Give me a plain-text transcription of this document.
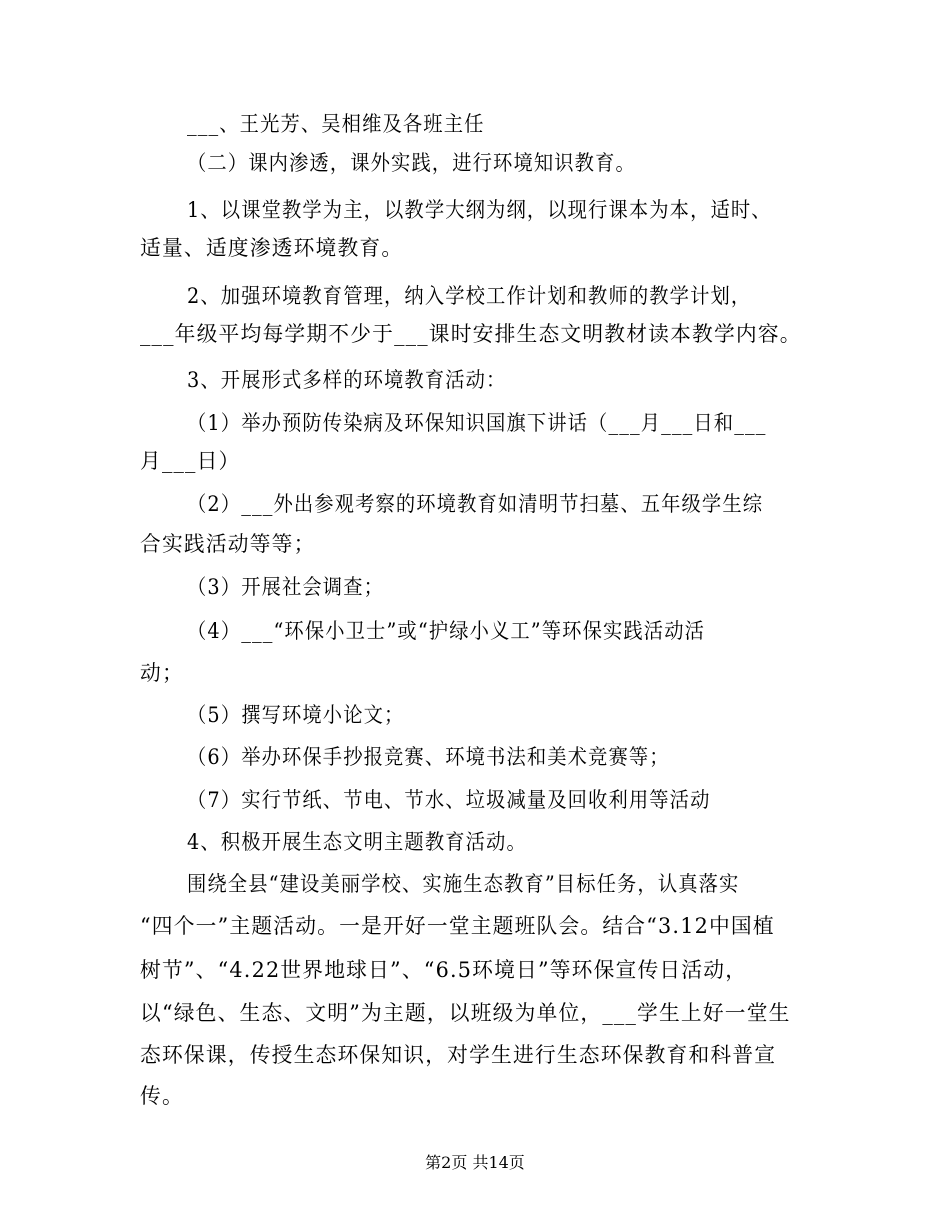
___、王光芳、吴相维及各班主任
（二）课内渗透，课外实践，进行环境知识教育。
1、以课堂教学为主，以教学大纲为纲，以现行课本为本，适时、
适量、适度渗透环境教育。
2、加强环境教育管理，纳入学校工作计划和教师的教学计划，
___年级平均每学期不少于___课时安排生态文明教材读本教学内容。
3、开展形式多样的环境教育活动：
（1）举办预防传染病及环保知识国旗下讲话（___月___日和___
月___日）
（2）___外出参观考察的环境教育如清明节扫墓、五年级学生综
合实践活动等等；
（3）开展社会调查；
（4）___“环保小卫士”或“护绿小义工”等环保实践活动活
动；
（5）撰写环境小论文；
（6）举办环保手抄报竞赛、环境书法和美术竞赛等；
（7）实行节纸、节电、节水、垃圾减量及回收利用等活动
4、积极开展生态文明主题教育活动。
围绕全县“建设美丽学校、实施生态教育”目标任务，认真落实
“四个一”主题活动。一是开好一堂主题班队会。结合“3.12中国植
树节”、“4.22世界地球日”、“6.5环境日”等环保宣传日活动，
以“绿色、生态、文明”为主题，以班级为单位，___学生上好一堂生
态环保课，传授生态环保知识，对学生进行生态环保教育和科普宣
传。
第2页 共14页
